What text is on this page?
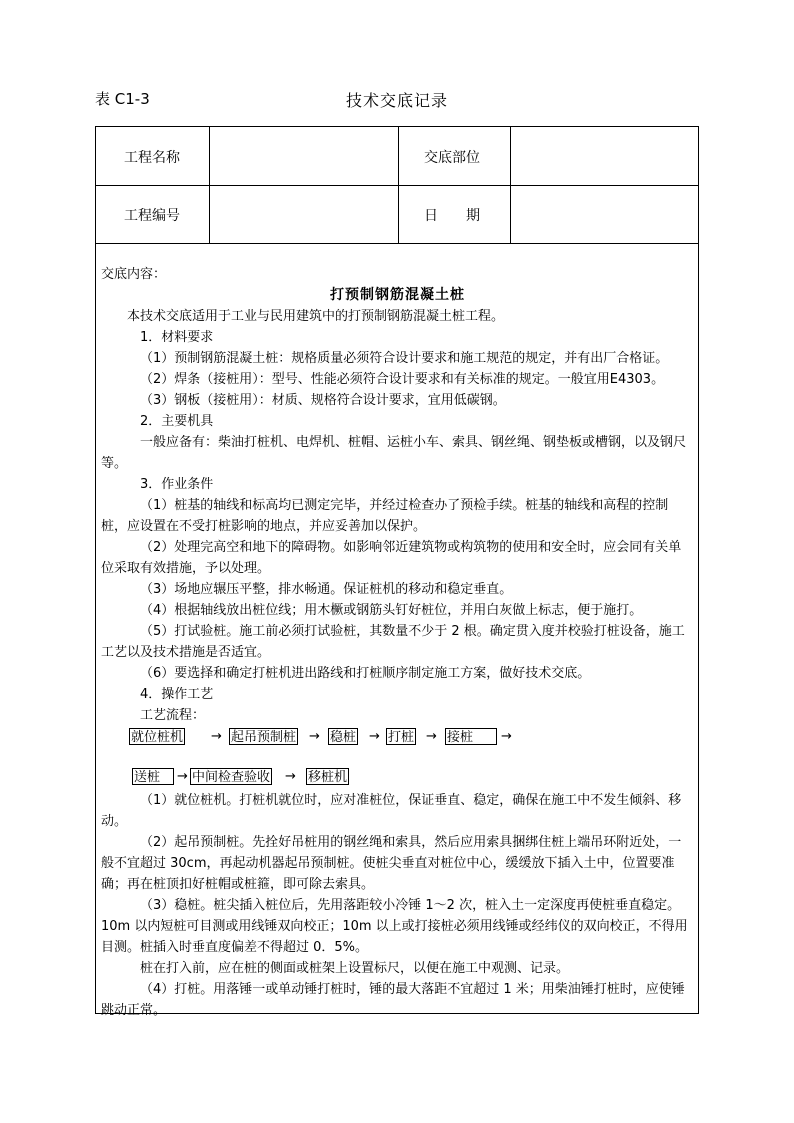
表 C1-3	技术交底记录
工程名称	交底部位
工程编号	日　　期

交底内容：

打预制钢筋混凝土桩

本技术交底适用于工业与民用建筑中的打预制钢筋混凝土桩工程。

1．材料要求

（1）预制钢筋混凝土桩：规格质量必须符合设计要求和施工规范的规定，并有出厂合格证。

（2）焊条（接桩用）：型号、性能必须符合设计要求和有关标准的规定。一般宜用E4303。

（3）钢板（接桩用）：材质、规格符合设计要求，宜用低碳钢。

2．主要机具

一般应备有：柴油打桩机、电焊机、桩帽、运桩小车、索具、钢丝绳、钢垫板或槽钢，以及钢尺等。

3．作业条件

（1）桩基的轴线和标高均已测定完毕，并经过检查办了预检手续。桩基的轴线和高程的控制桩，应设置在不受打桩影响的地点，并应妥善加以保护。

（2）处理完高空和地下的障碍物。如影响邻近建筑物或构筑物的使用和安全时，应会同有关单位采取有效措施，予以处理。

（3）场地应辗压平整，排水畅通。保证桩机的移动和稳定垂直。

（4）根据轴线放出桩位线；用木橛或钢筋头钉好桩位，并用白灰做上标志，便于施打。

（5）打试验桩。施工前必须打试验桩，其数量不少于 2 根。确定贯入度并校验打桩设备，施工工艺以及技术措施是否适宜。

（6）要选择和确定打桩机进出路线和打桩顺序制定施工方案，做好技术交底。

4．操作工艺

工艺流程：

就位桩机 → 起吊预制桩 → 稳桩 → 打桩 → 接桩	→
送桩	→ 中间检查验收 → 移桩机

（1）就位桩机。打桩机就位时，应对准桩位，保证垂直、稳定，确保在施工中不发生倾斜、移动。

（2）起吊预制桩。先拴好吊桩用的钢丝绳和索具，然后应用索具捆绑住桩上端吊环附近处，一般不宜超过 30cm，再起动机器起吊预制桩。使桩尖垂直对桩位中心，缓缓放下插入土中，位置要准确；再在桩顶扣好桩帽或桩箍，即可除去索具。

（3）稳桩。桩尖插入桩位后，先用落距较小冷锤 1～2 次，桩入土一定深度再使桩垂直稳定。10m 以内短桩可目测或用线锤双向校正；10m 以上或打接桩必须用线锤或经纬仪的双向校正，不得用目测。桩插入时垂直度偏差不得超过 0．5%。

桩在打入前，应在桩的侧面或桩架上设置标尺，以便在施工中观测、记录。

（4）打桩。用落锤一或单动锤打桩时，锤的最大落距不宜超过 1 米；用柴油锤打桩时，应使锤跳动正常。
